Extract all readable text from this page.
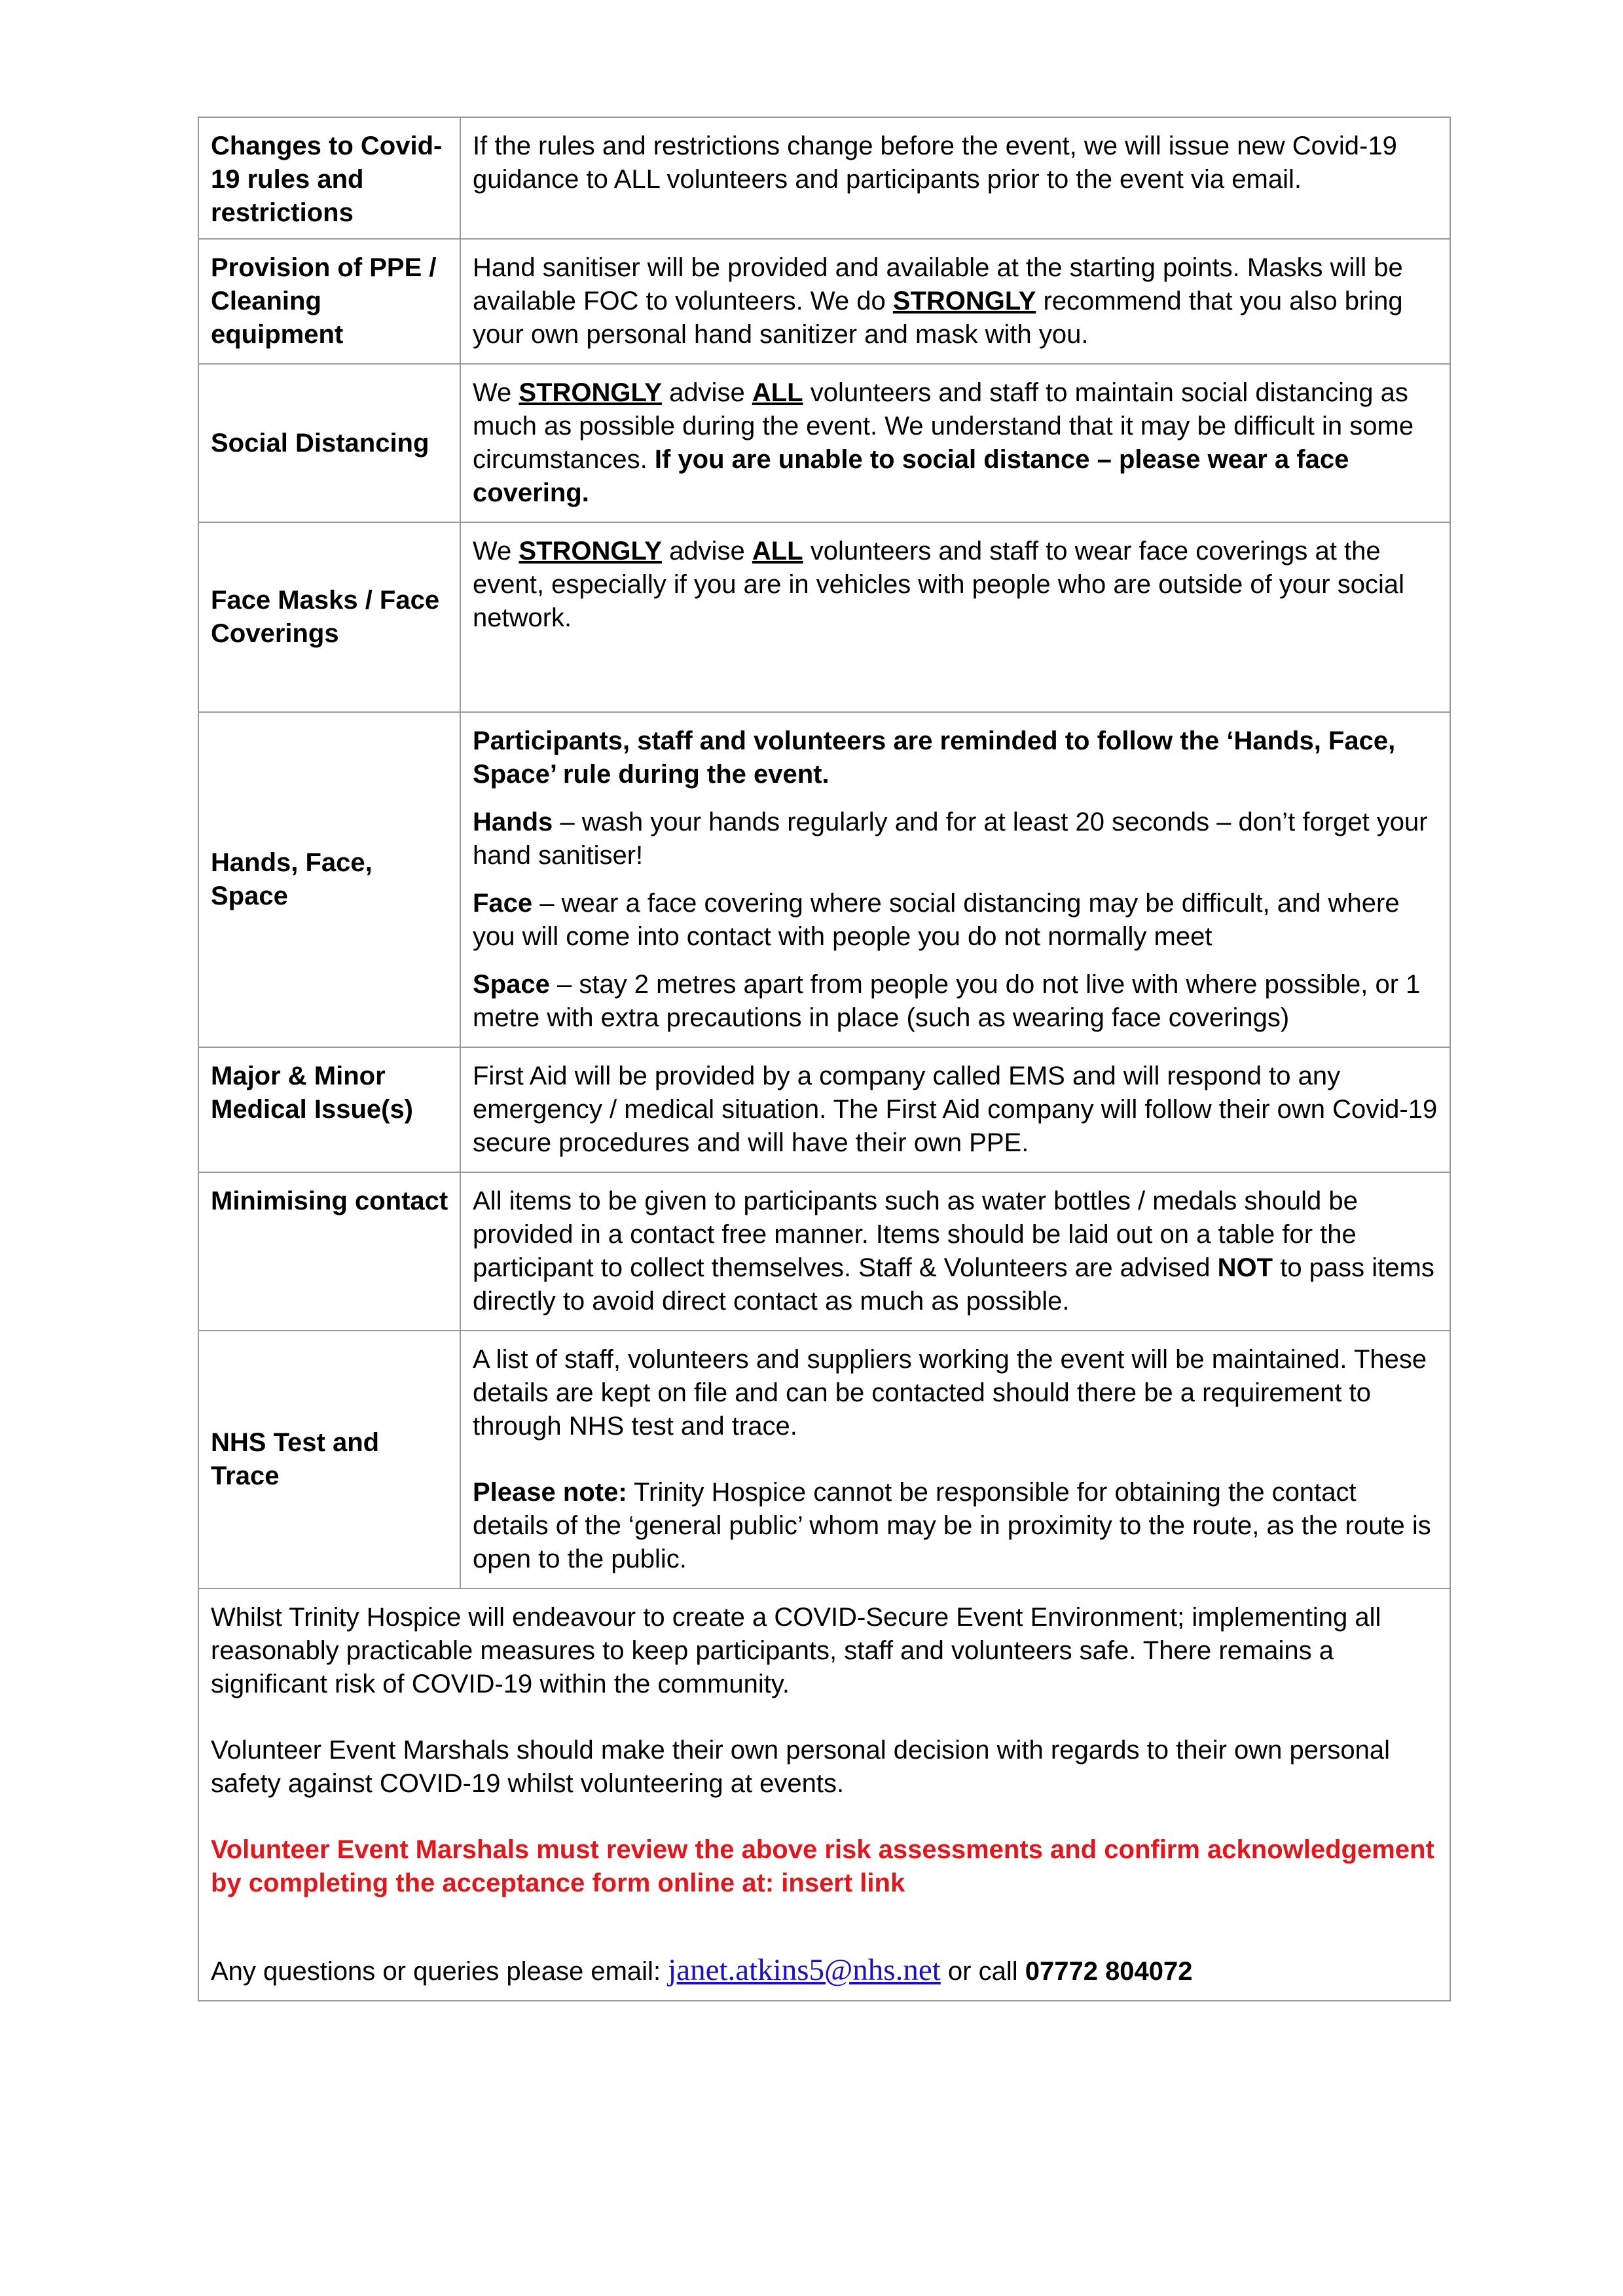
Changes to Covid-19 rules and restrictions	If the rules and restrictions change before the event, we will issue new Covid-19 guidance to ALL volunteers and participants prior to the event via email.

Provision of PPE / Cleaning equipment	Hand sanitiser will be provided and available at the starting points. Masks will be available FOC to volunteers. We do STRONGLY recommend that you also bring your own personal hand sanitizer and mask with you.

Social Distancing	We STRONGLY advise ALL volunteers and staff to maintain social distancing as much as possible during the event. We understand that it may be difficult in some circumstances. If you are unable to social distance – please wear a face covering.

Face Masks / Face Coverings	We STRONGLY advise ALL volunteers and staff to wear face coverings at the event, especially if you are in vehicles with people who are outside of your social network.

Hands, Face, Space	Participants, staff and volunteers are reminded to follow the ‘Hands, Face, Space’ rule during the event.

Hands – wash your hands regularly and for at least 20 seconds – don’t forget your hand sanitiser!

Face – wear a face covering where social distancing may be difficult, and where you will come into contact with people you do not normally meet

Space – stay 2 metres apart from people you do not live with where possible, or 1 metre with extra precautions in place (such as wearing face coverings)

Major & Minor Medical Issue(s)	First Aid will be provided by a company called EMS and will respond to any emergency / medical situation. The First Aid company will follow their own Covid-19 secure procedures and will have their own PPE.

Minimising contact	All items to be given to participants such as water bottles / medals should be provided in a contact free manner. Items should be laid out on a table for the participant to collect themselves. Staff & Volunteers are advised NOT to pass items directly to avoid direct contact as much as possible.

NHS Test and Trace	A list of staff, volunteers and suppliers working the event will be maintained. These details are kept on file and can be contacted should there be a requirement to through NHS test and trace.

Please note: Trinity Hospice cannot be responsible for obtaining the contact details of the ‘general public’ whom may be in proximity to the route, as the route is open to the public.

Whilst Trinity Hospice will endeavour to create a COVID-Secure Event Environment; implementing all reasonably practicable measures to keep participants, staff and volunteers safe. There remains a significant risk of COVID-19 within the community.

Volunteer Event Marshals should make their own personal decision with regards to their own personal safety against COVID-19 whilst volunteering at events.

Volunteer Event Marshals must review the above risk assessments and confirm acknowledgement by completing the acceptance form online at: insert link

Any questions or queries please email: janet.atkins5@nhs.net or call 07772 804072	
